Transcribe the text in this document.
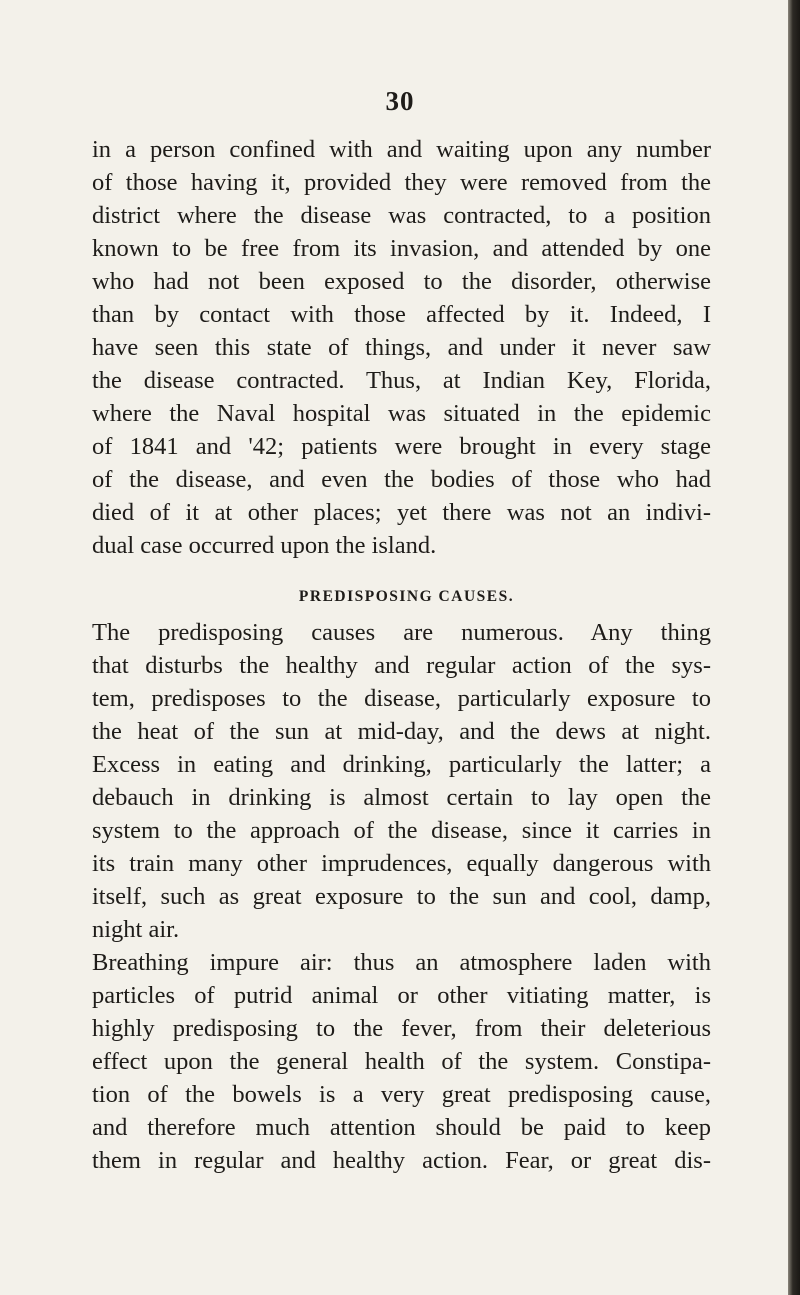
30
in a person confined with and waiting upon any number
of those having it, provided they were removed from the
district where the disease was contracted, to a position
known to be free from its invasion, and attended by one
who had not been exposed to the disorder, otherwise
than by contact with those affected by it. Indeed, I
have seen this state of things, and under it never saw
the disease contracted. Thus, at Indian Key, Florida,
where the Naval hospital was situated in the epidemic
of 1841 and '42; patients were brought in every stage
of the disease, and even the bodies of those who had
died of it at other places; yet there was not an indivi-
dual case occurred upon the island.
PREDISPOSING CAUSES.
The predisposing causes are numerous. Any thing
that disturbs the healthy and regular action of the sys-
tem, predisposes to the disease, particularly exposure to
the heat of the sun at mid-day, and the dews at night.
Excess in eating and drinking, particularly the latter; a
debauch in drinking is almost certain to lay open the
system to the approach of the disease, since it carries in
its train many other imprudences, equally dangerous with
itself, such as great exposure to the sun and cool, damp,
night air.
Breathing impure air: thus an atmosphere laden with
particles of putrid animal or other vitiating matter, is
highly predisposing to the fever, from their deleterious
effect upon the general health of the system. Constipa-
tion of the bowels is a very great predisposing cause,
and therefore much attention should be paid to keep
them in regular and healthy action. Fear, or great dis-
